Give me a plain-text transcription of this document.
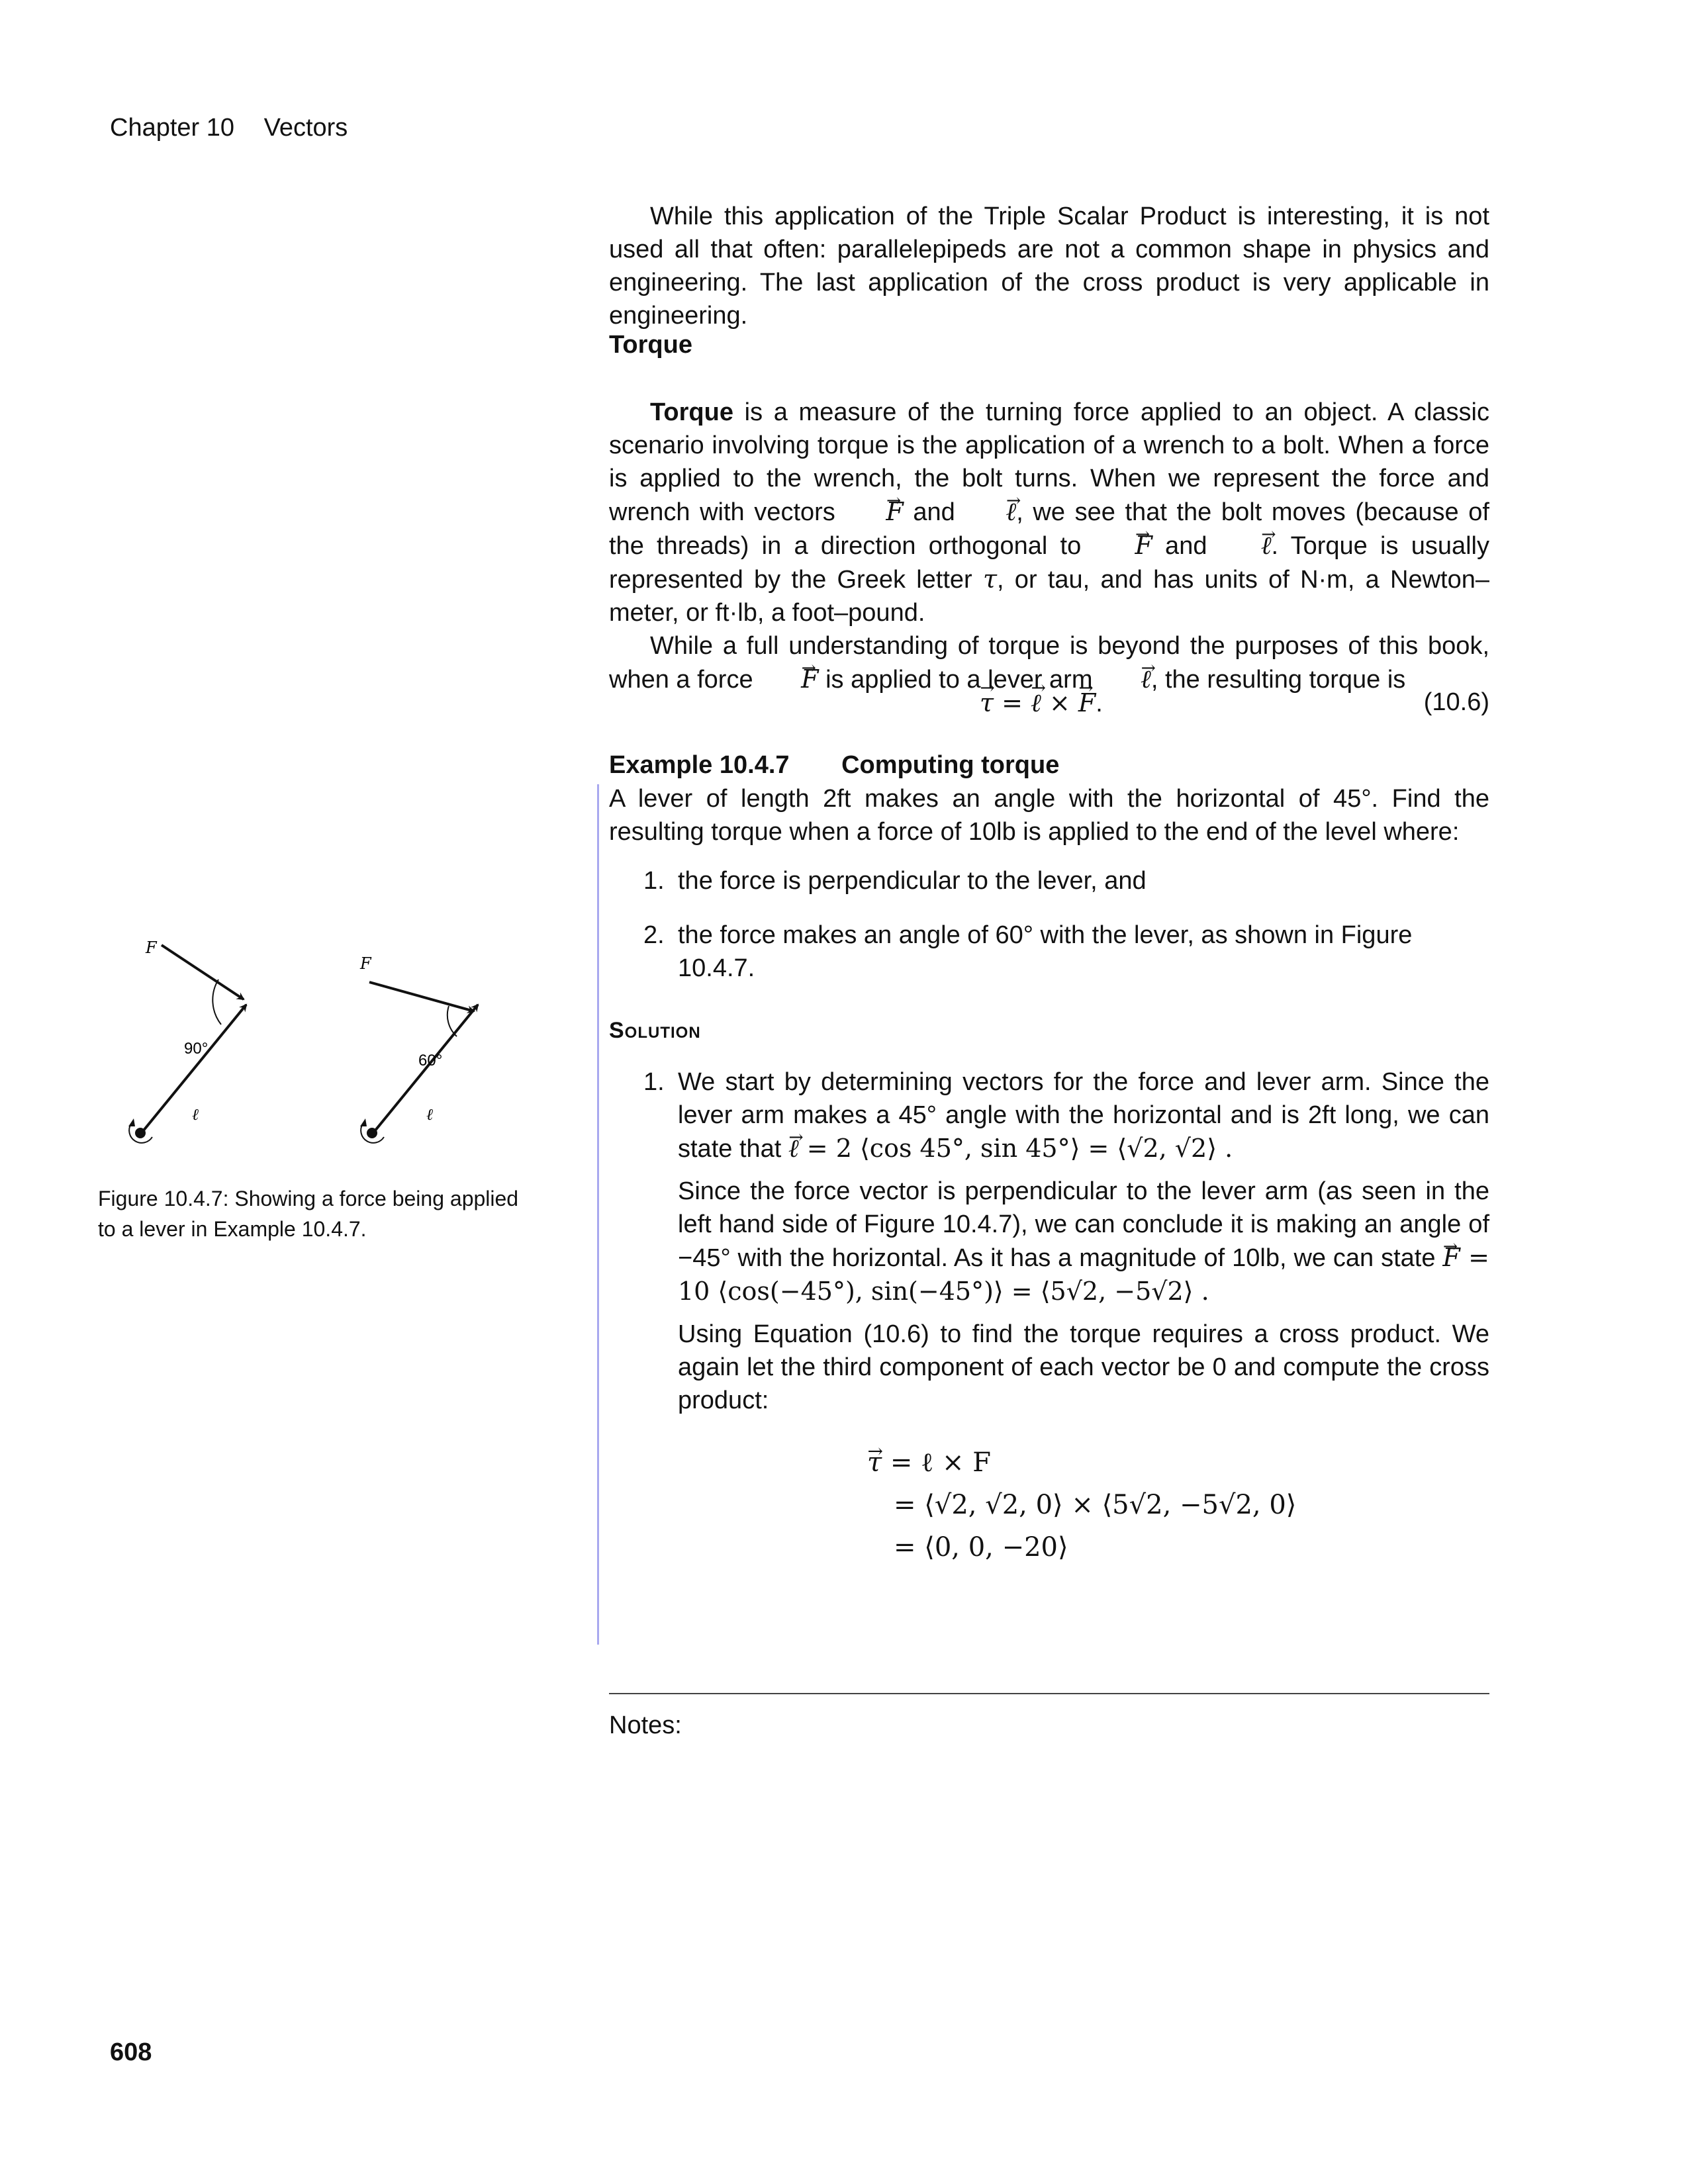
Chapter 10 Vectors

While this application of the Triple Scalar Product is interesting, it is not used all that often: parallelepipeds are not a common shape in physics and engineering. The last application of the cross product is very applicable in engineering.

Torque

Torque is a measure of the turning force applied to an object. A classic scenario involving torque is the application of a wrench to a bolt. When a force is applied to the wrench, the bolt turns. When we represent the force and wrench with vectors → F and → ℓ, we see that the bolt moves (because of the threads) in a direction orthogonal to → F and → ℓ. Torque is usually represented by the Greek letter τ, or tau, and has units of N·m, a Newton–meter, or ft·lb, a foot–pound.

While a full understanding of torque is beyond the purposes of this book, when a force → F is applied to a lever arm → ℓ, the resulting torque is

→ τ = → ℓ × → F.	(10.6)
Example 10.4.7 Computing torque

A lever of length 2ft makes an angle with the horizontal of 45°. Find the resulting torque when a force of 10lb is applied to the end of the level where:

1. the force is perpendicular to the lever, and
2. the force makes an angle of 60° with the lever, as shown in Figure 10.4.7.
Solution
1. We start by determining vectors for the force and lever arm. Since the lever arm makes a 45° angle with the horizontal and is 2ft long, we can state that → ℓ = 2 ⟨cos 45°, sin 45°⟩ = ⟨√2, √2⟩ .

Since the force vector is perpendicular to the lever arm (as seen in the left hand side of Figure 10.4.7), we can conclude it is making an angle of −45° with the horizontal. As it has a magnitude of 10lb, we can state → F = 10 ⟨cos(−45°), sin(−45°)⟩ = ⟨5√2, −5√2⟩ .

Using Equation (10.6) to find the torque requires a cross product. We again let the third component of each vector be 0 and compute the cross product:

→ τ = ℓ × F
= ⟨√2, √2, 0⟩ × ⟨5√2, −5√2, 0⟩
= ⟨0, 0, −20⟩
Notes:
F
90°
ℓ
F
60°
ℓ
Figure 10.4.7: Showing a force being applied to a lever in Example 10.4.7.
608
